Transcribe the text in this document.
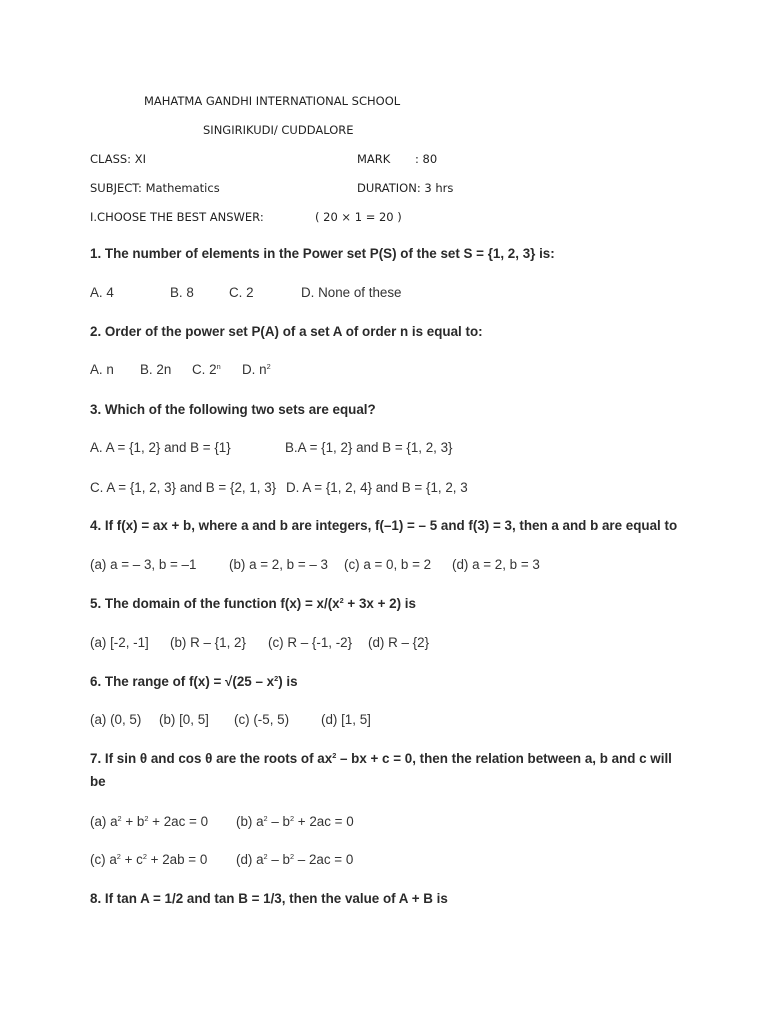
MAHATMA GANDHI INTERNATIONAL SCHOOL
SINGIRIKUDI/ CUDDALORE
CLASS: XI	MARK : 80
SUBJECT: Mathematics	DURATION: 3 hrs
I.CHOOSE THE BEST ANSWER:	( 20 × 1 = 20 )
1. The number of elements in the Power set P(S) of the set S = {1, 2, 3} is:
A. 4	B. 8	C. 2	D. None of these
2. Order of the power set P(A) of a set A of order n is equal to:
A. n B. 2n C. 2$^n$ D. $n^2$
3. Which of the following two sets are equal?
A. A = {1, 2} and B = {1}	B.A = {1, 2} and B = {1, 2, 3}
C. A = {1, 2, 3} and B = {2, 1, 3} D. A = {1, 2, 4} and B = {1, 2, 3
4. If f(x) = ax + b, where a and b are integers, f(–1) = – 5 and f(3) = 3, then a and b are equal to
(a) a = – 3, b = –1 (b) a = 2, b = – 3 (c) a = 0, b = 2 (d) a = 2, b = 3
5. The domain of the function $f(x) = x/(x^2 + 3x + 2)$ is
(a) [-2, -1] (b) R – {1, 2} (c) R – {-1, -2} (d) R – {2}
6. The range of $f(x) = √(25 - x^2)$ is
(a) (0, 5) (b) [0, 5] (c) (-5, 5) (d) [1, 5]
7. If sin θ and cos θ are the roots of $ax^2$ – bx + c = 0, then the relation between a, b and c will
be
(a) $a^2 + b^2 + 2ac = 0$ (b) $a^2 - b^2 + 2ac = 0$
(c) $a^2 + c^2 + 2ab = 0$ (d) $a^2 - b^2 - 2ac = 0$
8. If tan A = 1/2 and tan B = 1/3, then the value of A + B is
